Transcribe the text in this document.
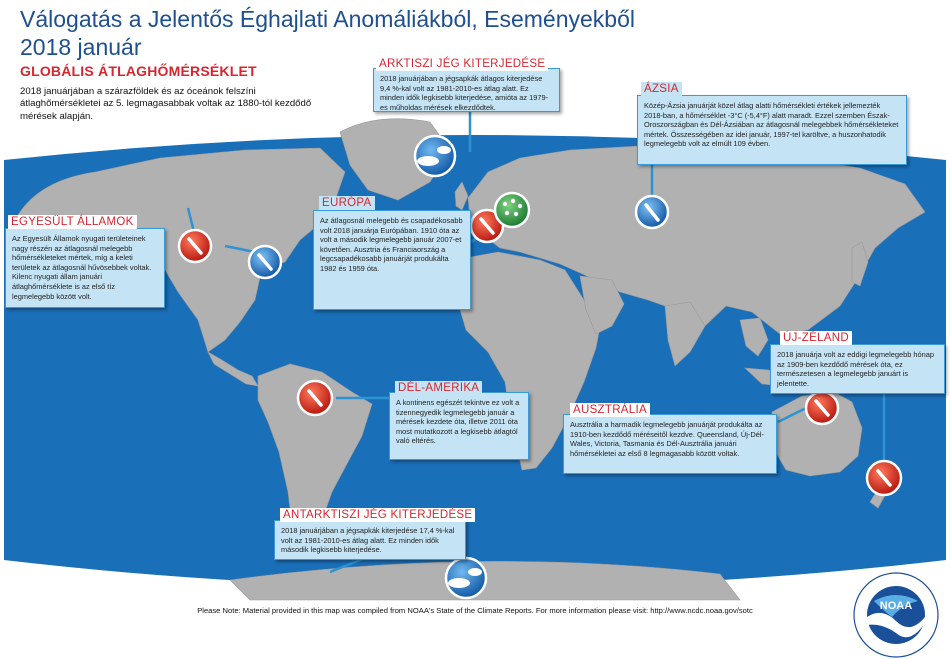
Válogatás a Jelentős Éghajlati Anomáliákból, Eseményekből
2018 január
GLOBÁLIS ÁTLAGHŐMÉRSÉKLET
2018 januárjában a szárazföldek és az óceánok felszíni átlaghőmérsékletei az 5. legmagasabbak voltak az 1880-tól kezdődő mérések alapján.
2018 januárjában a jégsapkák átlagos kiterjedése 9,4 %-kal volt az 1981-2010-es átlag alatt. Ez minden idők legkisebb kiterjedése, amióta az 1979-es műholdas mérések elkezdődtek.
ARKTISZI JÉG KITERJEDÉSE
Közép-Ázsia januárját közel átlag alatti hőmérsékleti értékek jellemezték 2018-ban, a hőmérséklet -3°C (-5,4°F) alatt maradt. Ezzel szemben Észak-Oroszországban és Dél-Ázsiában az átlagosnál melegebbek hőmérsékleteket mértek. Összességében az idei január, 1997-tel karöltve, a huszonhatodik legmelegebb volt az elmúlt 109 évben.
ÁZSIA
Az Egyesült Államok nyugati területeinek nagy részén az átlagosnál melegebb hőmérsékleteket mértek, míg a keleti területek az átlagosnál hűvösebbek voltak. Kilenc nyugati állam januári átlaghőmérséklete is az első tíz legmelegebb között volt.
EGYESÜLT ÁLLAMOK	Az átlagosnál melegebb és csapadékosabb volt 2018 januárja Európában. 1910 óta az volt a második legmelegebb január 2007-et követően. Ausztria és Franciaország a legcsapadékosabb januárját produkálta 1982 és 1959 óta.
EURÓPA
2018 januárja volt az eddigi legmelegebb hónap az 1909-ben kezdődő mérések óta, ez természetesen a legmelegebb januárt is jelentette.
ÚJ-ZÉLAND
A kontinens egészét tekintve ez volt a tizennegyedik legmelegebb január a mérések kezdete óta, illetve 2011 óta most mutatkozott a legkisebb átlagtól való eltérés.
DÉL-AMERIKA
Ausztrália a harmadik legmelegebb januárját produkálta az 1910-ben kezdődő méréseitől kezdve. Queensland, Új-Dél-Wales, Victoria, Tasmania és Dél-Ausztrália januári hőmérsékletei az első 8 legmagasabb között voltak.
AUSZTRÁLIA
2018 januárjában a jégsapkák kiterjedése 17,4 %-kal volt az 1981-2010-es átlag alatt. Ez minden idők második legkisebb kiterjedése.
ANTARKTISZI JÉG KITERJEDÉSE
Please Note: Material provided in this map was compiled from NOAA's State of the Climate Reports. For more information please visit: http://www.ncdc.noaa.gov/sotc	NOAA
